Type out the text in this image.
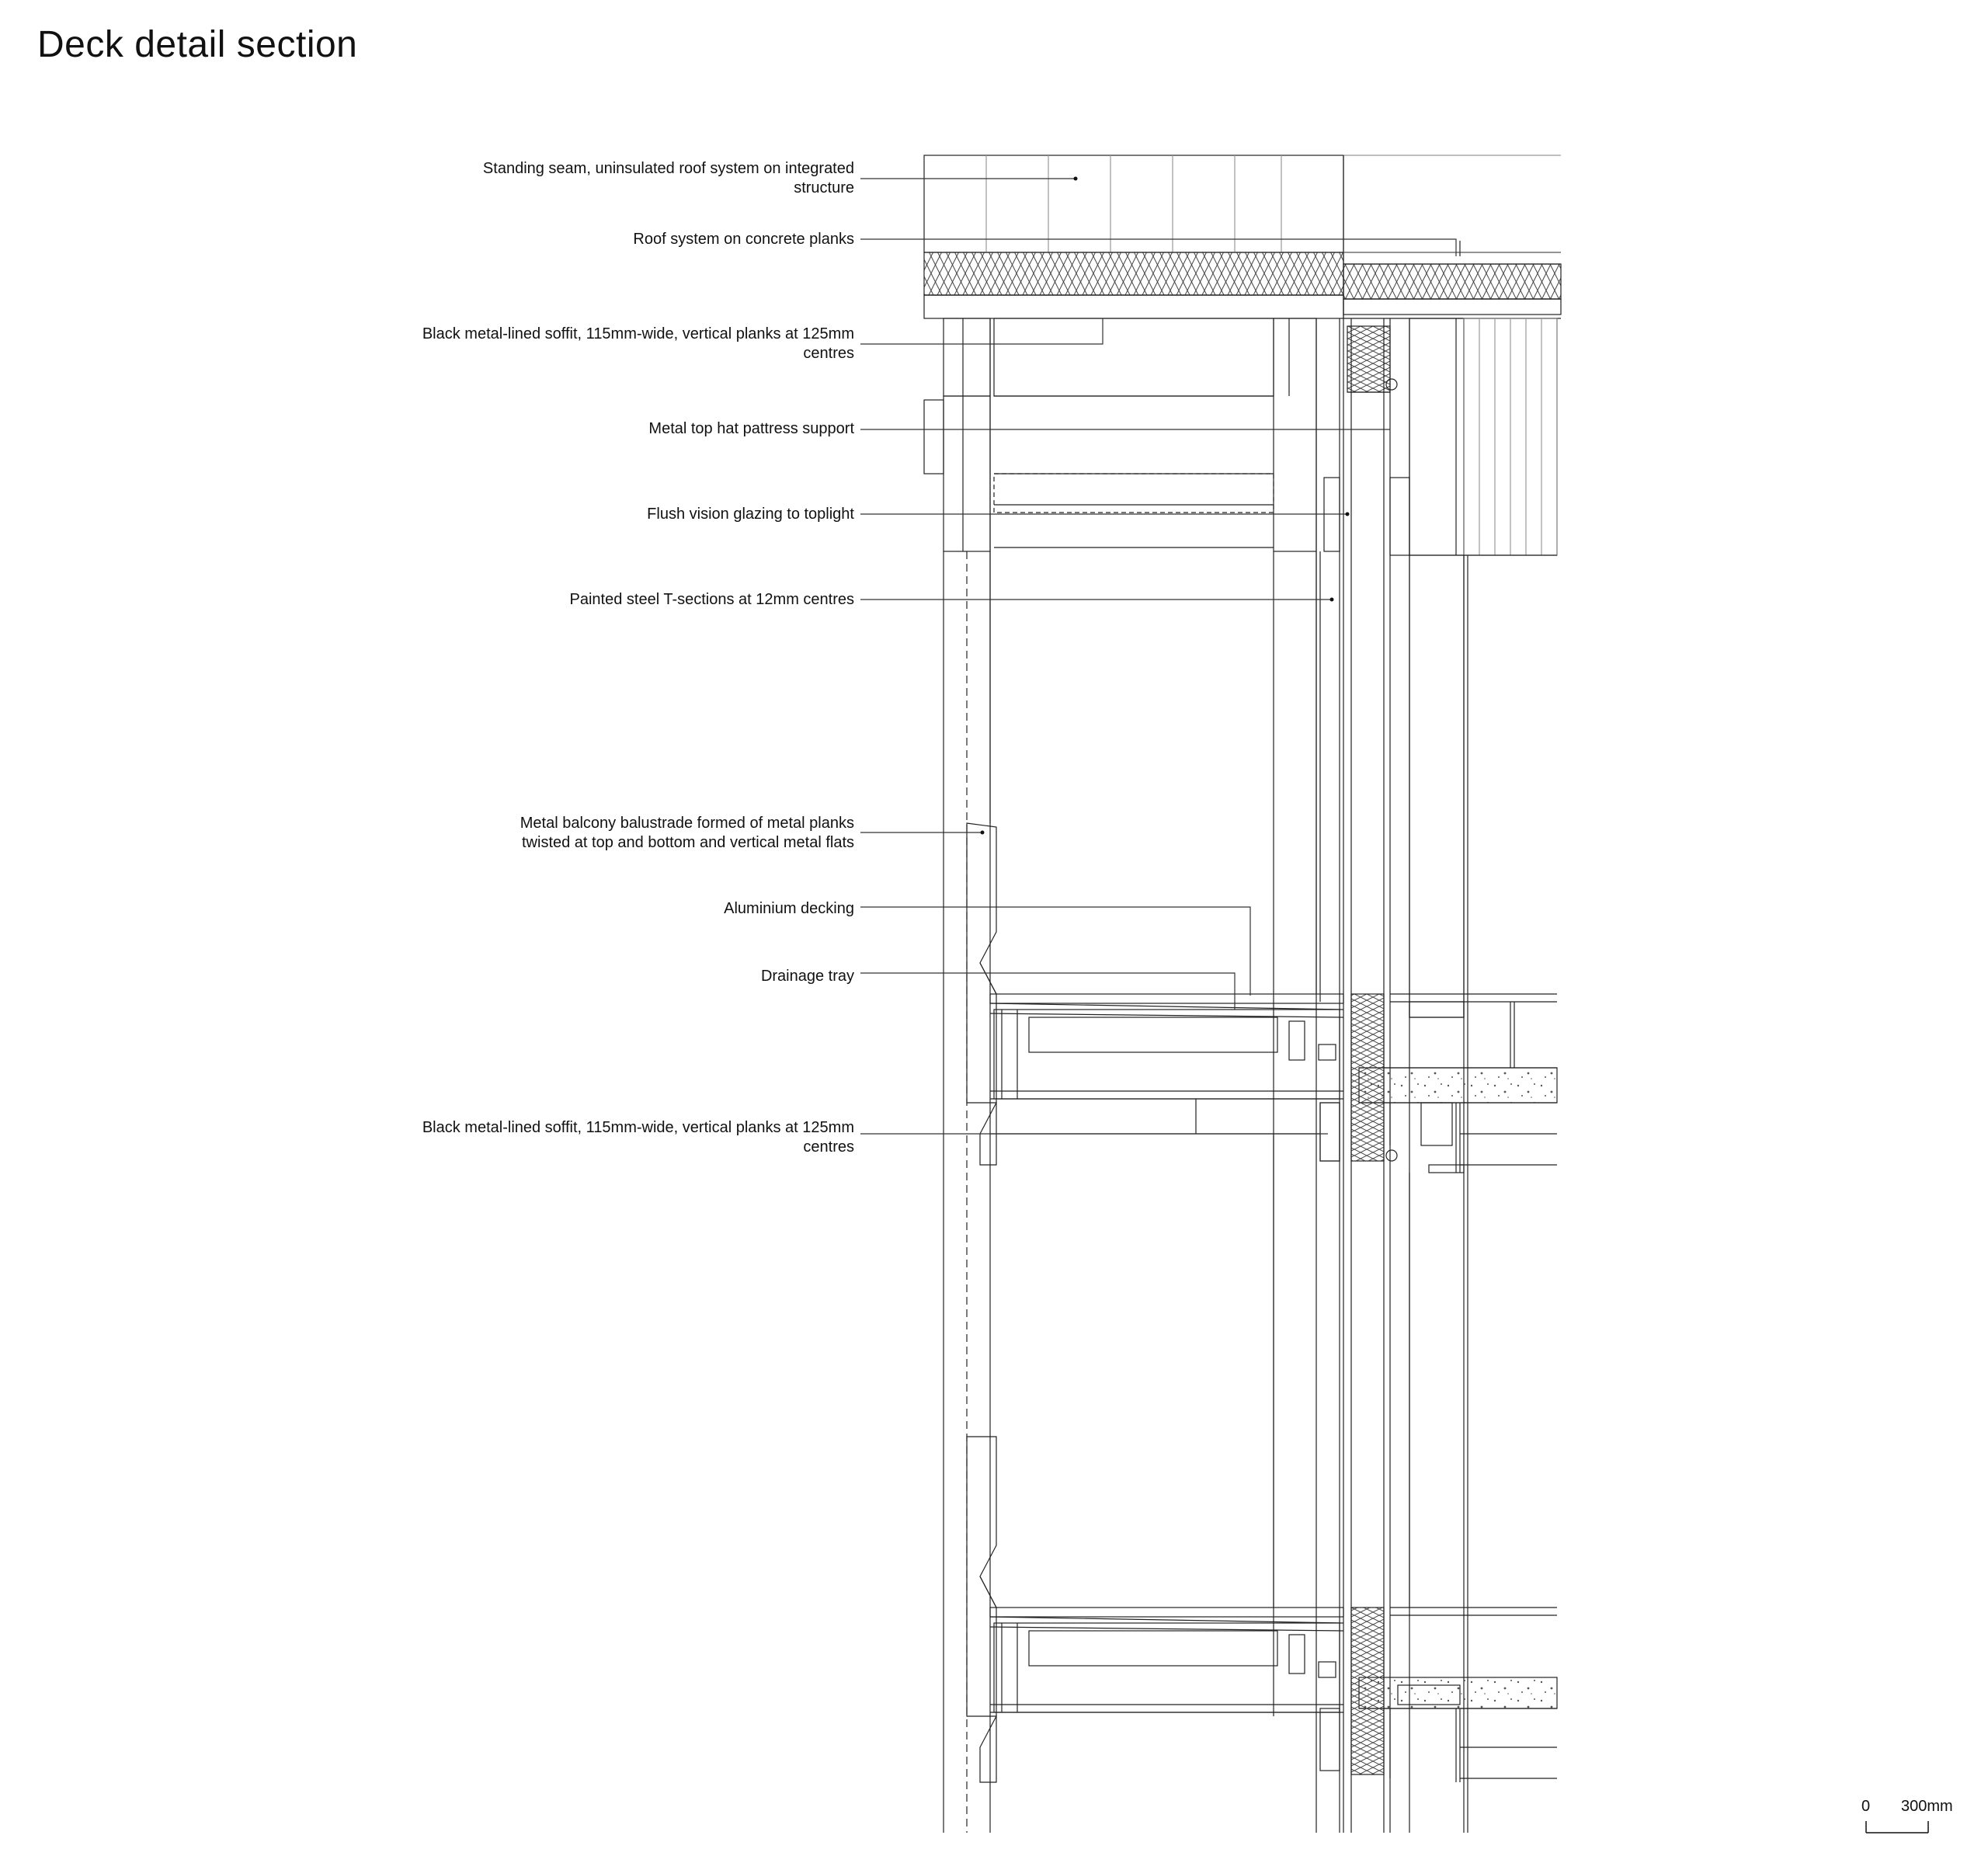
Deck detail section
Standing seam, uninsulated roof system on integrated structure
Roof system on concrete planks
Black metal-lined soffit, 115mm-wide, vertical planks at 125mm centres
Metal top hat pattress support
Flush vision glazing to toplight
Painted steel T-sections at 12mm centres
Metal balcony balustrade formed of metal planks twisted at top and bottom and vertical metal flats
Aluminium decking
Drainage tray
Black metal-lined soffit, 115mm-wide, vertical planks at 125mm centres
0 300mm
